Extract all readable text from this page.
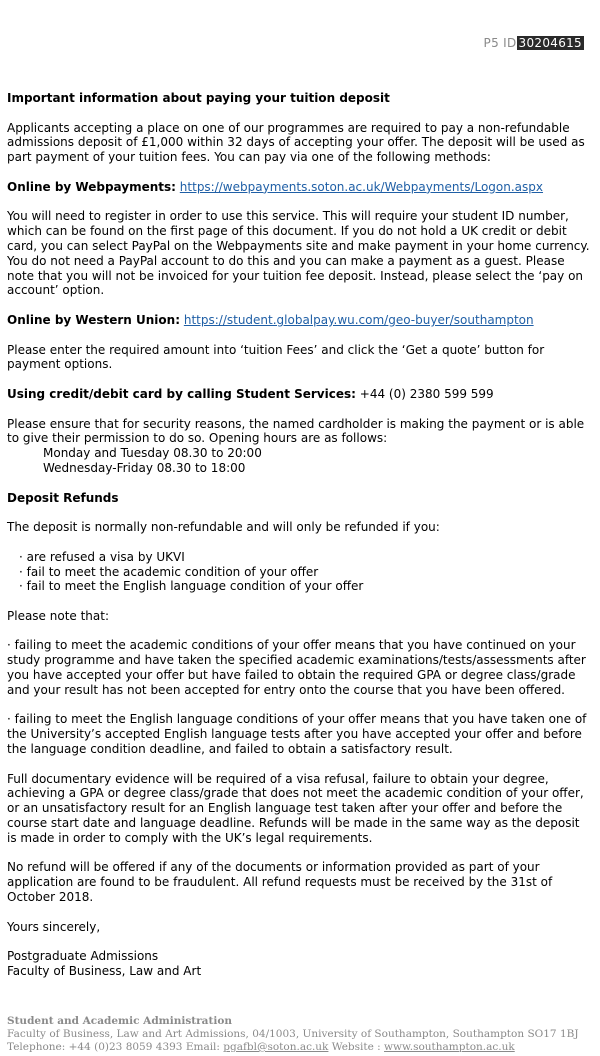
P5 ID 30204615

Important information about paying your tuition deposit

Applicants accepting a place on one of our programmes are required to pay a non-refundable admissions deposit of £1,000 within 32 days of accepting your offer. The deposit will be used as part payment of your tuition fees. You can pay via one of the following methods:

Online by Webpayments: https://webpayments.soton.ac.uk/Webpayments/Logon.aspx

You will need to register in order to use this service. This will require your student ID number, which can be found on the first page of this document. If you do not hold a UK credit or debit card, you can select PayPal on the Webpayments site and make payment in your home currency. You do not need a PayPal account to do this and you can make a payment as a guest. Please note that you will not be invoiced for your tuition fee deposit. Instead, please select the ‘pay on account’ option.

Online by Western Union: https://student.globalpay.wu.com/geo-buyer/southampton

Please enter the required amount into ‘tuition Fees’ and click the ‘Get a quote’ button for payment options.

Using credit/debit card by calling Student Services: +44 (0) 2380 599 599

Please ensure that for security reasons, the named cardholder is making the payment or is able to give their permission to do so. Opening hours are as follows:
Monday and Tuesday 08.30 to 20:00

Wednesday-Friday 08.30 to 18:00

Deposit Refunds

The deposit is normally non-refundable and will only be refunded if you:

· are refused a visa by UKVI
· fail to meet the academic condition of your offer
· fail to meet the English language condition of your offer

Please note that:

· failing to meet the academic conditions of your offer means that you have continued on your study programme and have taken the specified academic examinations/tests/assessments after you have accepted your offer but have failed to obtain the required GPA or degree class/grade and your result has not been accepted for entry onto the course that you have been offered.

· failing to meet the English language conditions of your offer means that you have taken one of the University’s accepted English language tests after you have accepted your offer and before the language condition deadline, and failed to obtain a satisfactory result.

Full documentary evidence will be required of a visa refusal, failure to obtain your degree, achieving a GPA or degree class/grade that does not meet the academic condition of your offer, or an unsatisfactory result for an English language test taken after your offer and before the course start date and language deadline. Refunds will be made in the same way as the deposit is made in order to comply with the UK’s legal requirements.

No refund will be offered if any of the documents or information provided as part of your application are found to be fraudulent. All refund requests must be received by the 31st of October 2018.

Yours sincerely,

Postgraduate Admissions
Faculty of Business, Law and Art
Student and Academic Administration
Faculty of Business, Law and Art Admissions, 04/1003, University of Southampton, Southampton SO17 1BJ
Telephone: +44 (0)23 8059 4393 Email: pgafbl@soton.ac.uk Website : www.southampton.ac.uk
